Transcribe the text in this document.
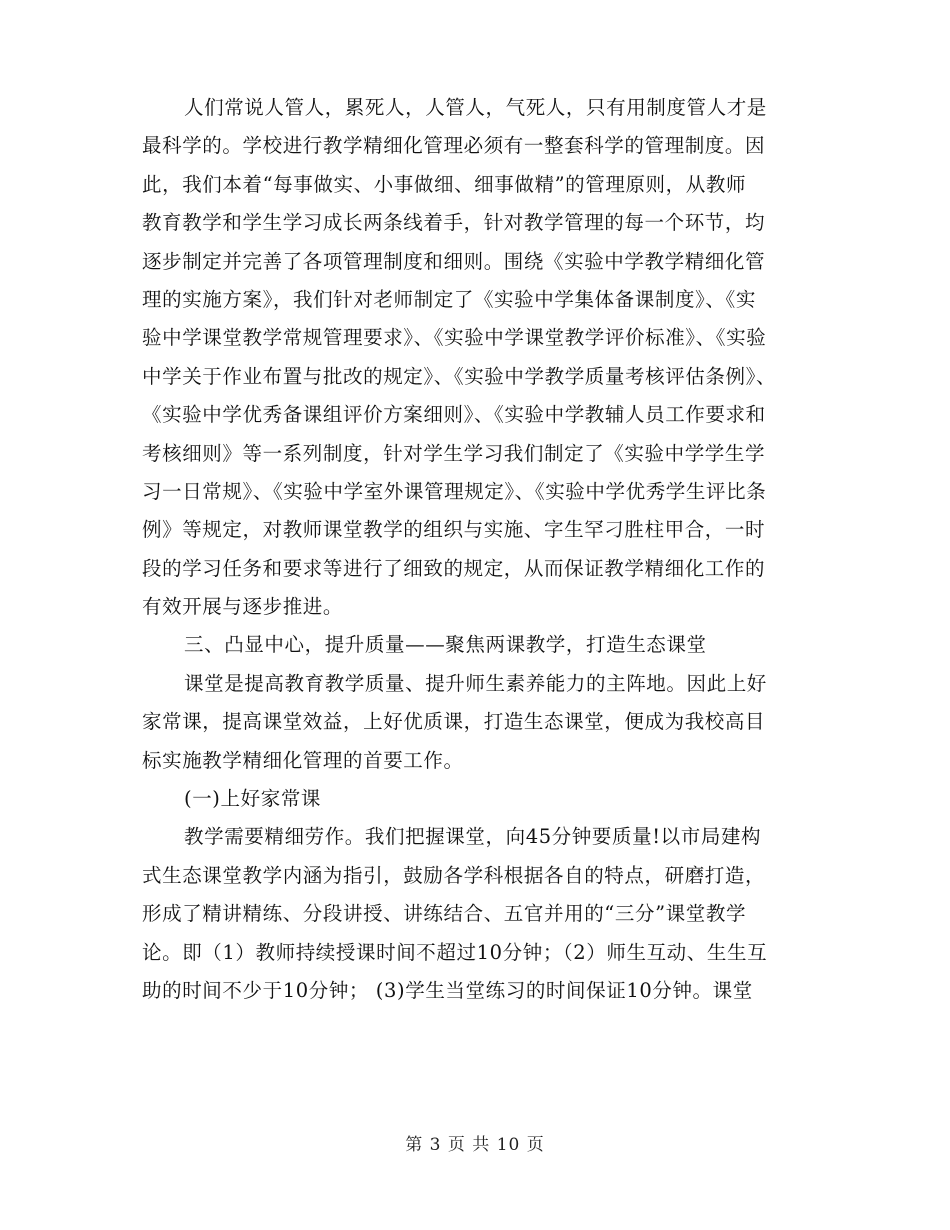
人们常说人管人，累死人，人管人，气死人，只有用制度管人才是
最科学的。学校进行教学精细化管理必须有一整套科学的管理制度。因
此，我们本着“每事做实、小事做细、细事做精”的管理原则，从教师
教育教学和学生学习成长两条线着手，针对教学管理的每一个环节，均
逐步制定并完善了各项管理制度和细则。围绕《实验中学教学精细化管
理的实施方案》，我们针对老师制定了《实验中学集体备课制度》、《实
验中学课堂教学常规管理要求》、《实验中学课堂教学评价标准》、《实验
中学关于作业布置与批改的规定》、《实验中学教学质量考核评估条例》、
《实验中学优秀备课组评价方案细则》、《实验中学教辅人员工作要求和
考核细则》等一系列制度，针对学生学习我们制定了《实验中学学生学
习一日常规》、《实验中学室外课管理规定》、《实验中学优秀学生评比条
例》等规定，对教师课堂教学的组织与实施、字生罕刁胜柱甲合，一时
段的学习任务和要求等进行了细致的规定，从而保证教学精细化工作的
有效开展与逐步推进。
三、凸显中心，提升质量——聚焦两课教学，打造生态课堂
课堂是提高教育教学质量、提升师生素养能力的主阵地。因此上好
家常课，提高课堂效益，上好优质课，打造生态课堂，便成为我校高目
标实施教学精细化管理的首要工作。
(一)上好家常课
教学需要精细劳作。我们把握课堂，向45分钟要质量!以市局建构
式生态课堂教学内涵为指引，鼓励各学科根据各自的特点，研磨打造，
形成了精讲精练、分段讲授、讲练结合、五官并用的“三分”课堂教学
论。即（1）教师持续授课时间不超过10分钟；（2）师生互动、生生互
助的时间不少于10分钟； (3)学生当堂练习的时间保证10分钟。课堂
第 3 页 共 10 页
